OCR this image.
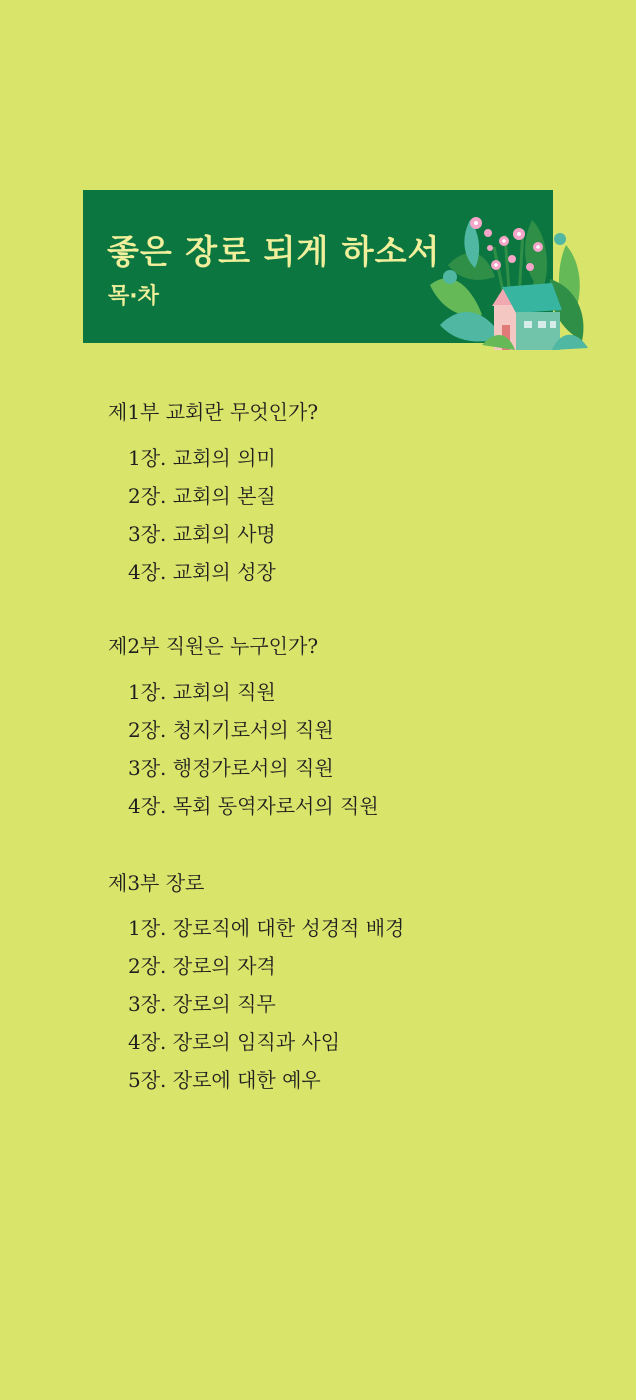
좋은 장로 되게 하소서
목·차
제1부 교회란 무엇인가?
1장. 교회의 의미
2장. 교회의 본질
3장. 교회의 사명
4장. 교회의 성장
제2부 직원은 누구인가?
1장. 교회의 직원
2장. 청지기로서의 직원
3장. 행정가로서의 직원
4장. 목회 동역자로서의 직원
제3부 장로
1장. 장로직에 대한 성경적 배경
2장. 장로의 자격
3장. 장로의 직무
4장. 장로의 임직과 사임
5장. 장로에 대한 예우
